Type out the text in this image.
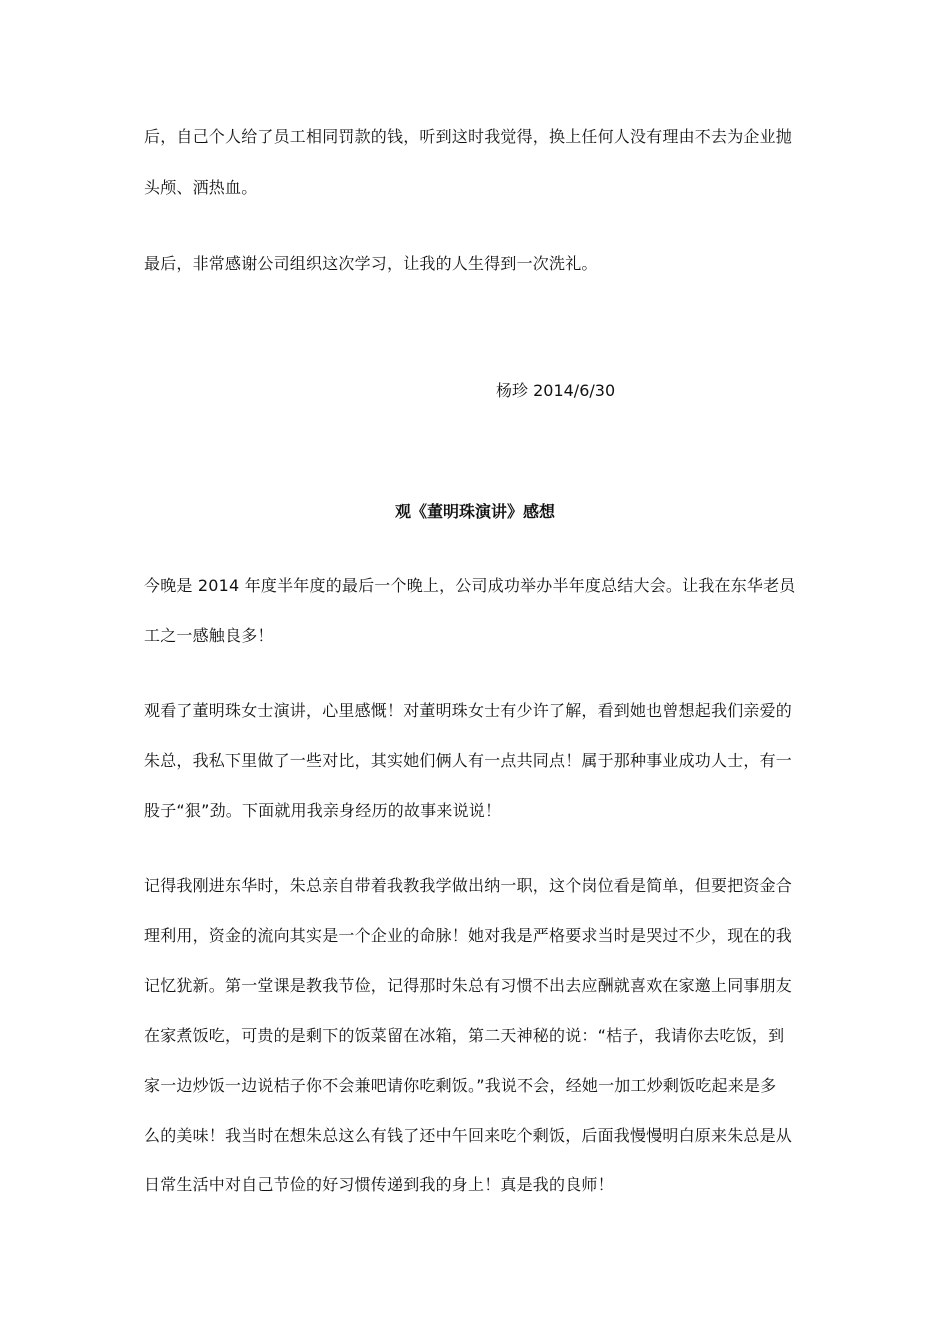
后，自己个人给了员工相同罚款的钱，听到这时我觉得，换上任何人没有理由不去为企业抛
头颅、洒热血。
最后，非常感谢公司组织这次学习，让我的人生得到一次洗礼。
杨珍 2014/6/30
观《董明珠演讲》感想
今晚是 2014 年度半年度的最后一个晚上，公司成功举办半年度总结大会。让我在东华老员
工之一感触良多！
观看了董明珠女士演讲，心里感慨！对董明珠女士有少许了解，看到她也曾想起我们亲爱的
朱总，我私下里做了一些对比，其实她们俩人有一点共同点！属于那种事业成功人士，有一
股子“狠”劲。下面就用我亲身经历的故事来说说！
记得我刚进东华时，朱总亲自带着我教我学做出纳一职，这个岗位看是简单，但要把资金合
理利用，资金的流向其实是一个企业的命脉！她对我是严格要求当时是哭过不少，现在的我
记忆犹新。第一堂课是教我节俭，记得那时朱总有习惯不出去应酬就喜欢在家邀上同事朋友
在家煮饭吃，可贵的是剩下的饭菜留在冰箱，第二天神秘的说：“桔子，我请你去吃饭，到
家一边炒饭一边说桔子你不会兼吧请你吃剩饭。”我说不会，经她一加工炒剩饭吃起来是多
么的美味！我当时在想朱总这么有钱了还中午回来吃个剩饭，后面我慢慢明白原来朱总是从
日常生活中对自己节俭的好习惯传递到我的身上！真是我的良师！
